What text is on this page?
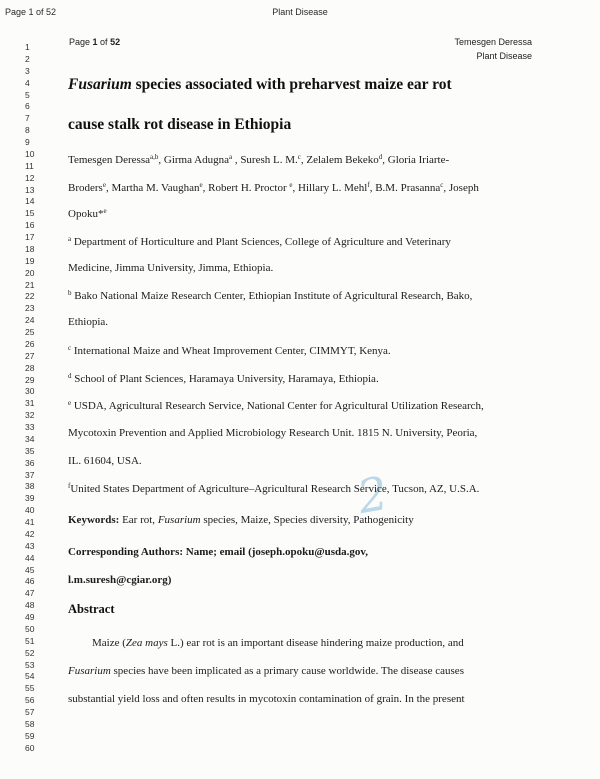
Page 1 of 52	Plant Disease
Page 1 of 52	Temesgen Deressa
Plant Disease
1
2
3
4
5
6
7
8
9
10
11
12
13
14
15
16
17
18
19
20
21
22
23
24
25
26
27
28
29
30
31
32
33
34
35
36
37
38
39
40
41
42
43
44
45
46
47
48
49
50
51
52
53
54
55
56
57
58
59
60
2
Fusarium species associated with preharvest maize ear rot
cause stalk rot disease in Ethiopia
Temesgen Deressa$^{a,b}$, Girma Adugna$^a$ , Suresh L. M.$^c$, Zelalem Bekeko$^d$, Gloria Iriarte-
Broders$^e$, Martha M. Vaughan$^e$, Robert H. Proctor $^e$, Hillary L. Mehl$^f$, B.M. Prasanna$^c$, Joseph
Opoku*$^e$
$^a$ Department of Horticulture and Plant Sciences, College of Agriculture and Veterinary
Medicine, Jimma University, Jimma, Ethiopia.
$^b$ Bako National Maize Research Center, Ethiopian Institute of Agricultural Research, Bako,
Ethiopia.
$^c$ International Maize and Wheat Improvement Center, CIMMYT, Kenya.
$^d$ School of Plant Sciences, Haramaya University, Haramaya, Ethiopia.
$^e$ USDA, Agricultural Research Service, National Center for Agricultural Utilization Research,
Mycotoxin Prevention and Applied Microbiology Research Unit. 1815 N. University, Peoria,
IL. 61604, USA.
$^f$United States Department of Agriculture–Agricultural Research Service, Tucson, AZ, U.S.A.
Keywords: Ear rot, Fusarium species, Maize, Species diversity, Pathogenicity
Corresponding Authors: Name; email (joseph.opoku@usda.gov,
l.m.suresh@cgiar.org)
Abstract
Maize (Zea mays L.) ear rot is an important disease hindering maize production, and
Fusarium species have been implicated as a primary cause worldwide. The disease causes
substantial yield loss and often results in mycotoxin contamination of grain. In the present
